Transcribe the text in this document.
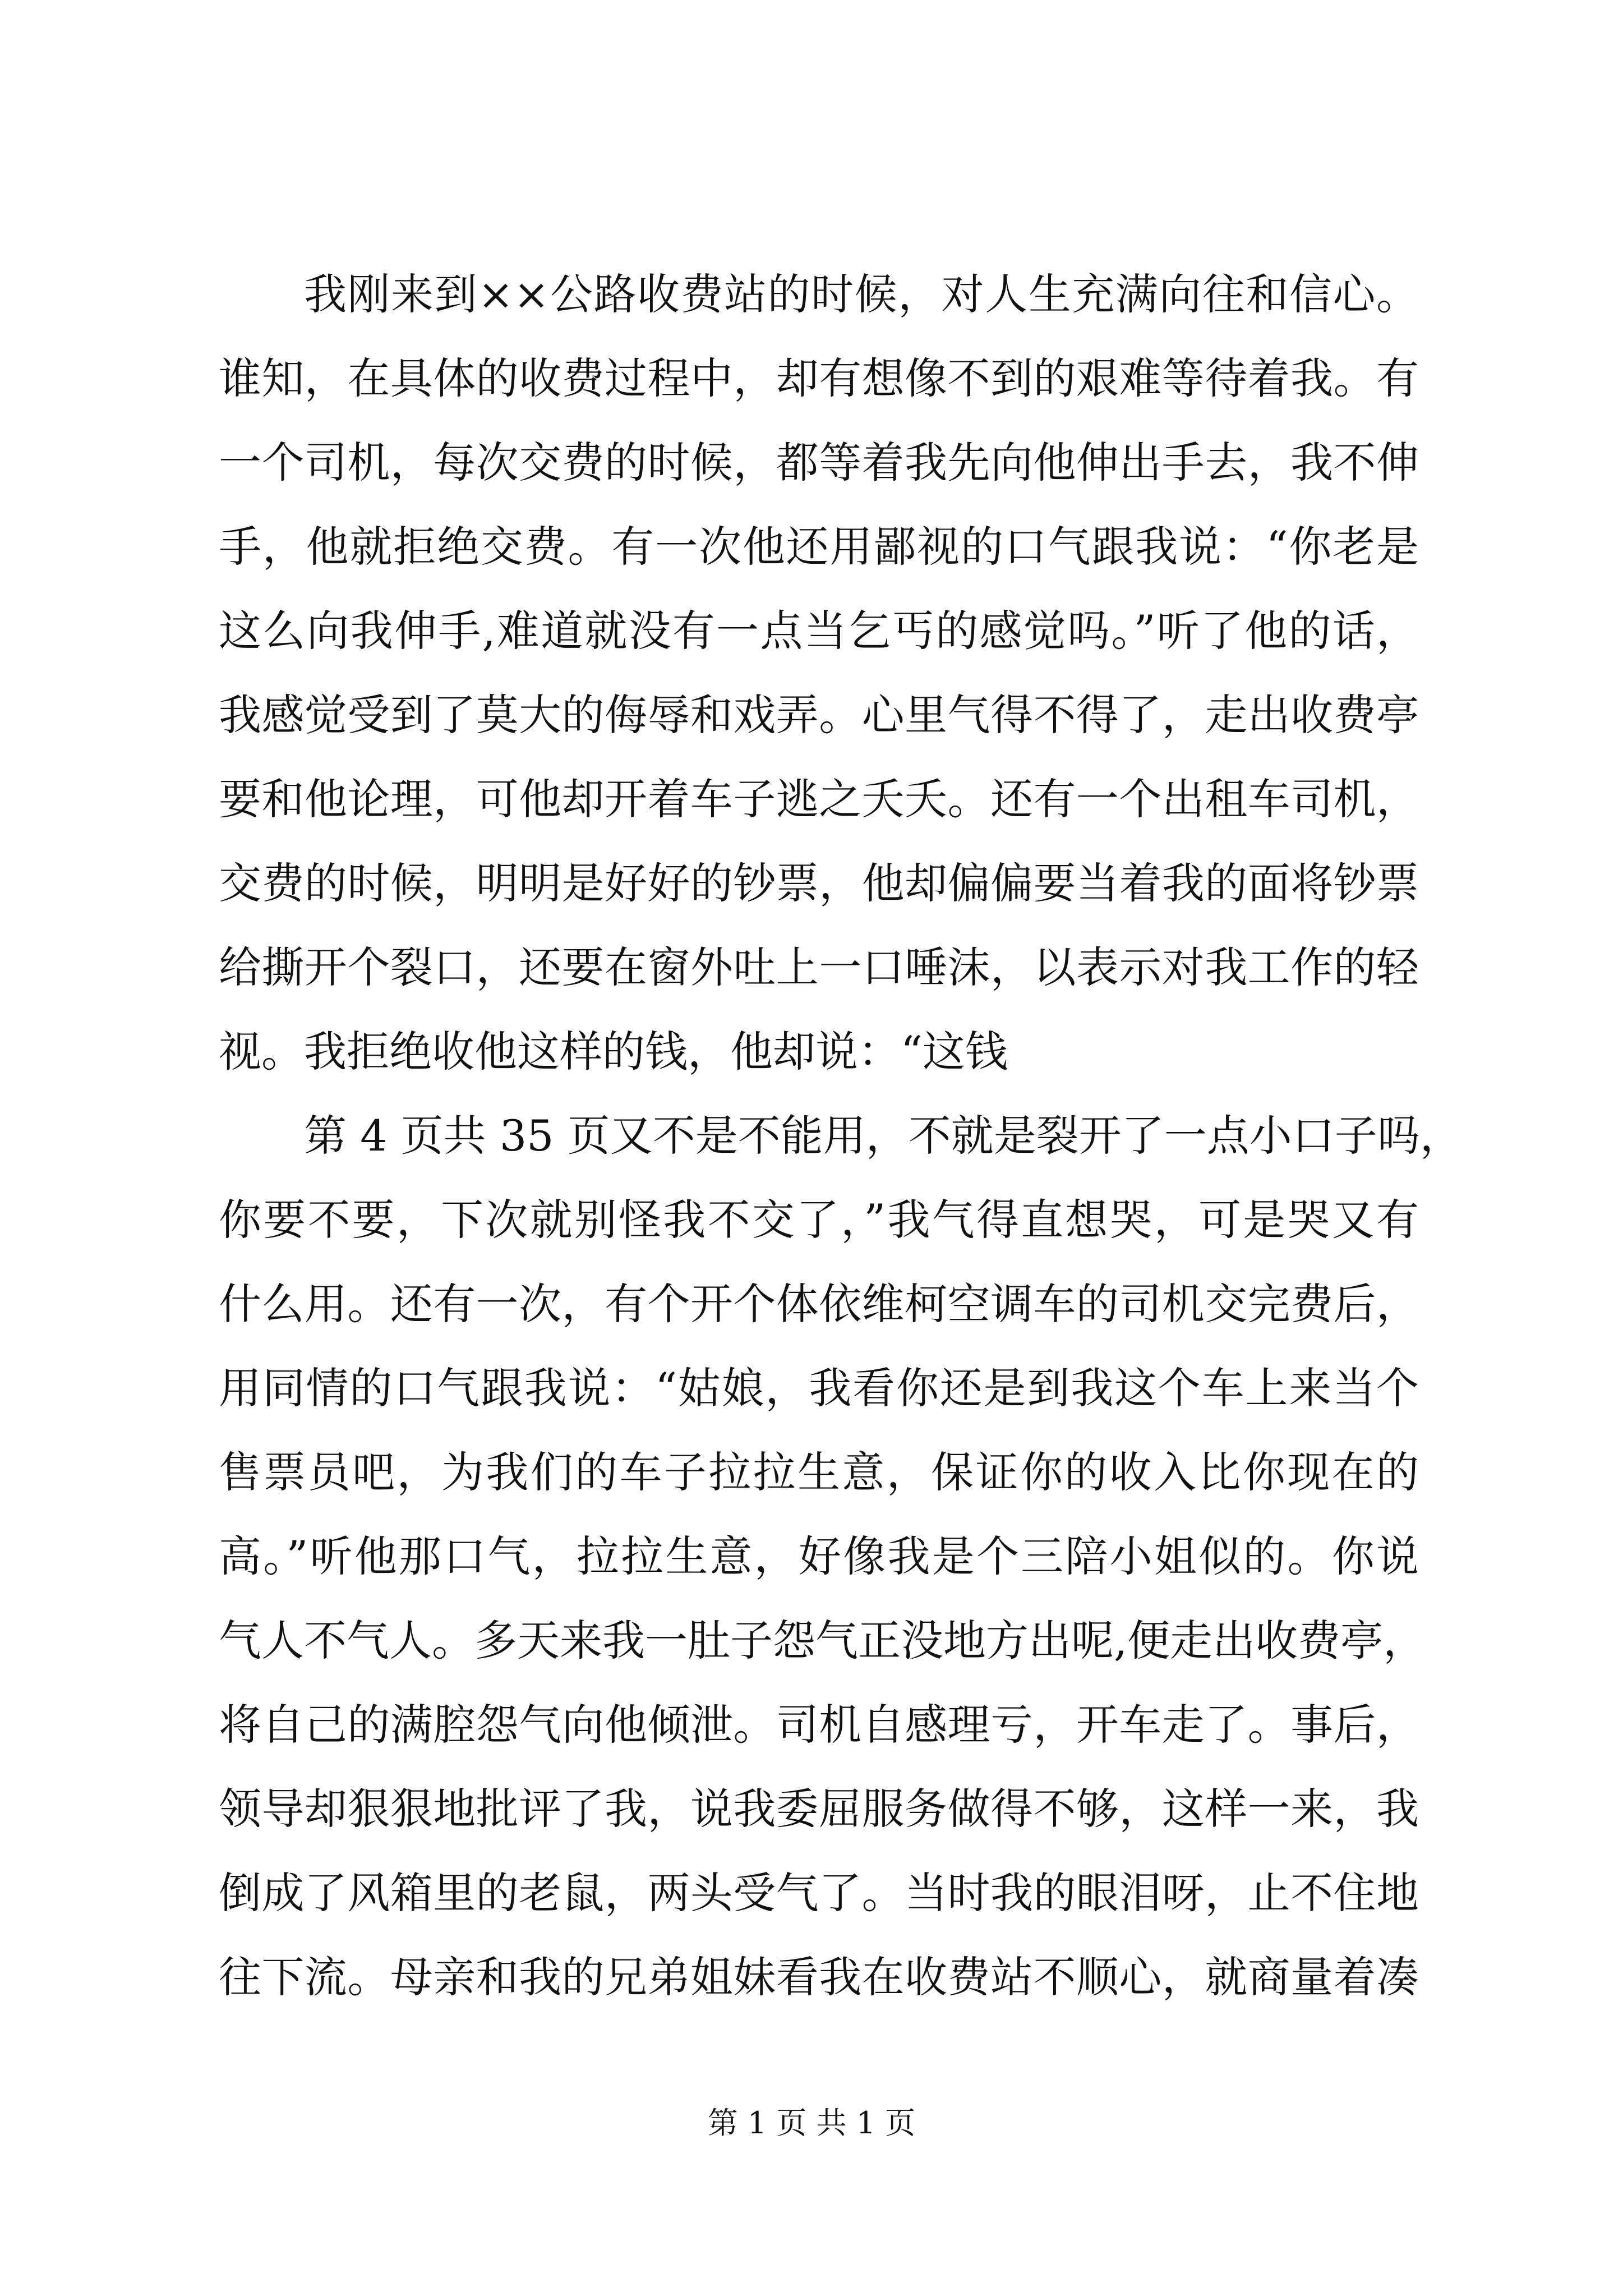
我刚来到××公路收费站的时候，对人生充满向往和信心。
谁知，在具体的收费过程中，却有想像不到的艰难等待着我。有
一个司机，每次交费的时候，都等着我先向他伸出手去，我不伸
手，他就拒绝交费。有一次他还用鄙视的口气跟我说：“你老是
这么向我伸手,难道就没有一点当乞丐的感觉吗。”听了他的话，
我感觉受到了莫大的侮辱和戏弄。心里气得不得了，走出收费亭
要和他论理，可他却开着车子逃之夭夭。还有一个出租车司机，
交费的时候，明明是好好的钞票，他却偏偏要当着我的面将钞票
给撕开个裂口，还要在窗外吐上一口唾沫，以表示对我工作的轻
视。我拒绝收他这样的钱，他却说：“这钱
第 4 页共 35 页又不是不能用，不就是裂开了一点小口子吗，
你要不要，下次就别怪我不交了，”我气得直想哭，可是哭又有
什么用。还有一次，有个开个体依维柯空调车的司机交完费后，
用同情的口气跟我说：“姑娘，我看你还是到我这个车上来当个
售票员吧，为我们的车子拉拉生意，保证你的收入比你现在的
高。”听他那口气，拉拉生意，好像我是个三陪小姐似的。你说
气人不气人。多天来我一肚子怨气正没地方出呢,便走出收费亭，
将自己的满腔怨气向他倾泄。司机自感理亏，开车走了。事后，
领导却狠狠地批评了我，说我委屈服务做得不够，这样一来，我
倒成了风箱里的老鼠，两头受气了。当时我的眼泪呀，止不住地
往下流。母亲和我的兄弟姐妹看我在收费站不顺心，就商量着凑
第 1 页 共 1 页
